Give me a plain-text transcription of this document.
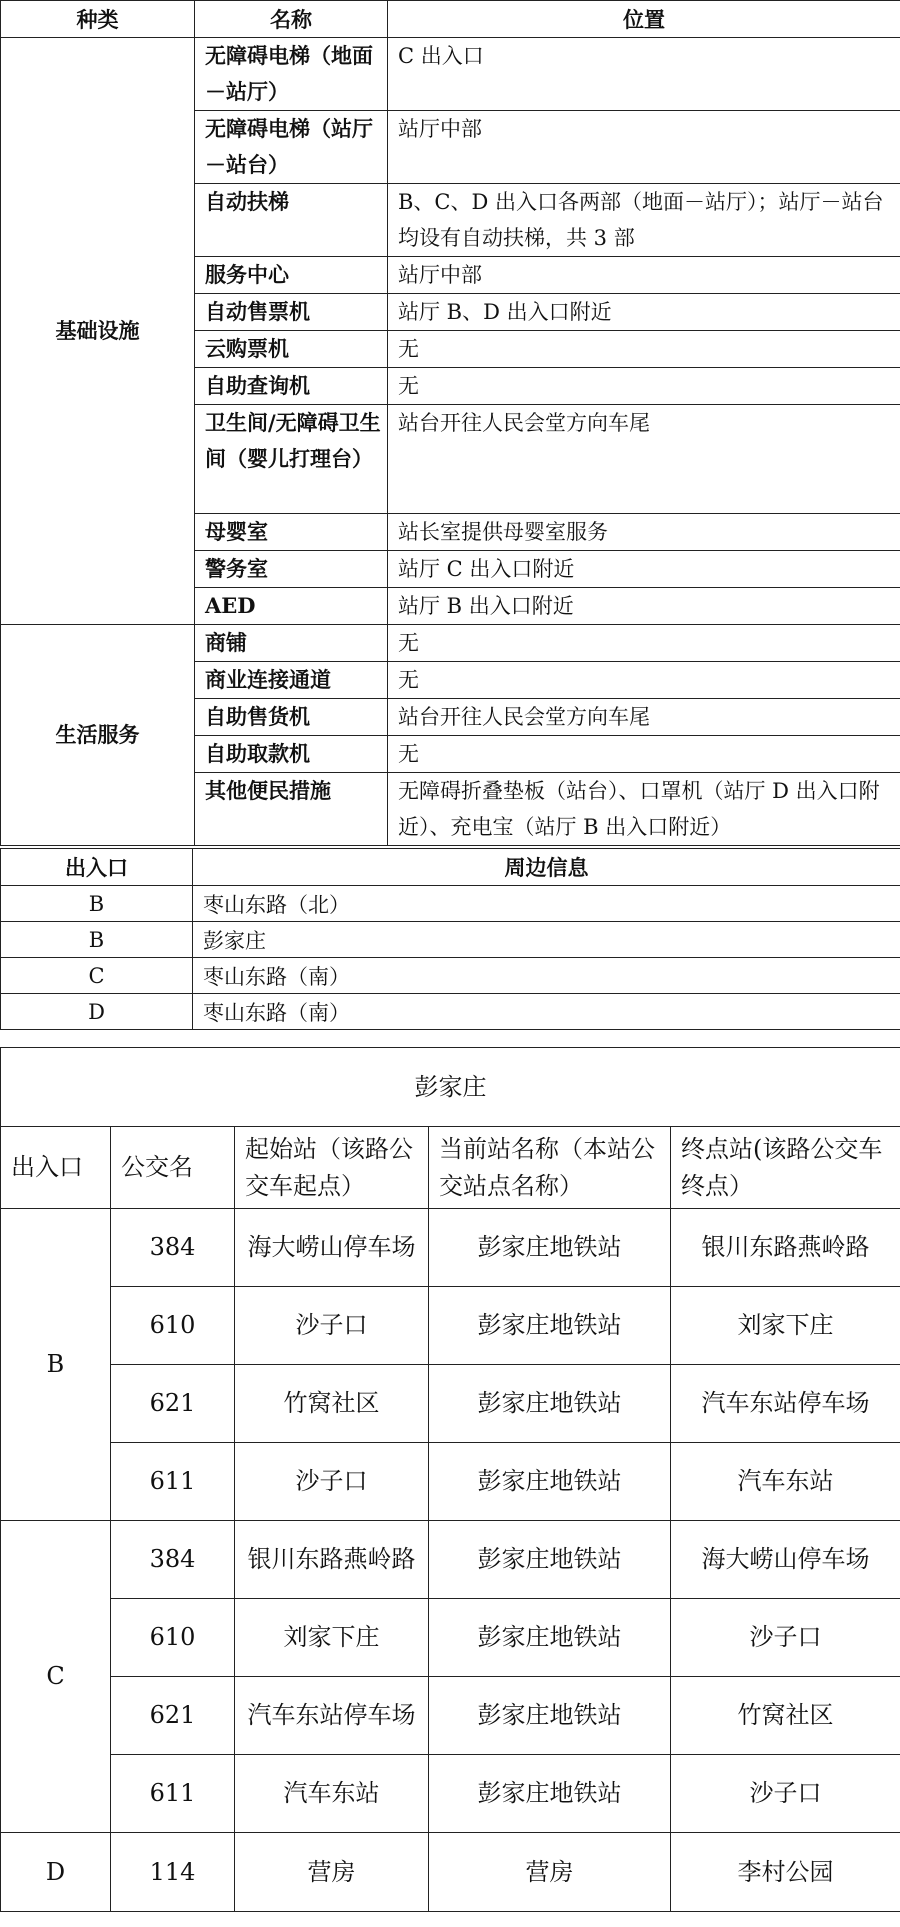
种类	名称	位置
基础设施	无障碍电梯（地面－站厅）	C 出入口
	无障碍电梯（站厅－站台）	站厅中部
	自动扶梯	B、C、D 出入口各两部（地面－站厅）；站厅－站台均设有自动扶梯，共 3 部
	服务中心	站厅中部
	自动售票机	站厅 B、D 出入口附近
	云购票机	无
	自助查询机	无
	卫生间/无障碍卫生间（婴儿打理台）	站台开往人民会堂方向车尾
	母婴室	站长室提供母婴室服务
	警务室	站厅 C 出入口附近
	AED	站厅 B 出入口附近
生活服务	商铺	无
	商业连接通道	无
	自助售货机	站台开往人民会堂方向车尾
	自助取款机	无
	其他便民措施	无障碍折叠垫板（站台）、口罩机（站厅 D 出入口附近）、充电宝（站厅 B 出入口附近）
出入口	周边信息
B	枣山东路（北）
B	彭家庄
C	枣山东路（南）
D	枣山东路（南）
彭家庄				
出入口	公交名	起始站（该路公交车起点）	当前站名称（本站公交站点名称）	终点站(该路公交车终点）
B	384	海大崂山停车场	彭家庄地铁站	银川东路燕岭路
	610	沙子口	彭家庄地铁站	刘家下庄
	621	竹窝社区	彭家庄地铁站	汽车东站停车场
	611	沙子口	彭家庄地铁站	汽车东站
C	384	银川东路燕岭路	彭家庄地铁站	海大崂山停车场
	610	刘家下庄	彭家庄地铁站	沙子口
	621	汽车东站停车场	彭家庄地铁站	竹窝社区
	611	汽车东站	彭家庄地铁站	沙子口
D	114	营房	营房	李村公园
